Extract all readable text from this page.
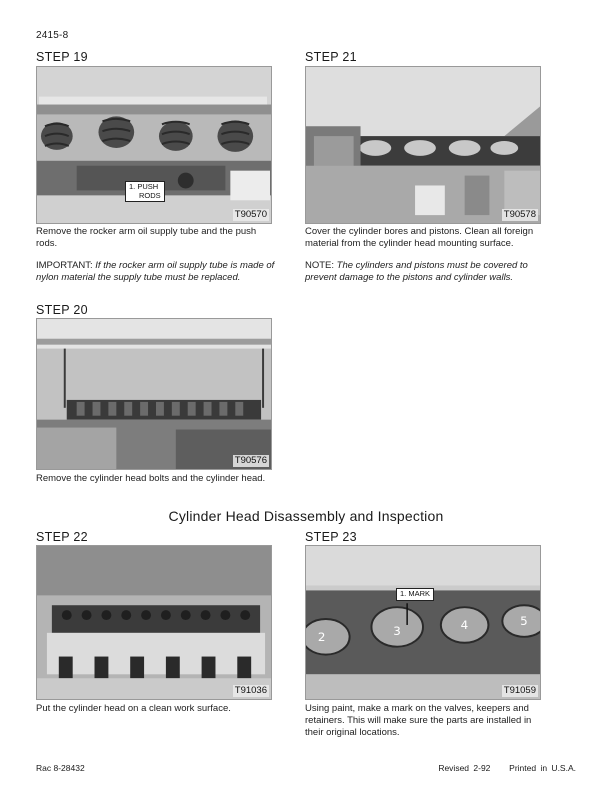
2415-8
STEP 19
1. PUSH
RODS
T90570
Remove the rocker arm oil supply tube and the push rods.
IMPORTANT: If the rocker arm oil supply tube is made of nylon material the supply tube must be replaced.
STEP 21
T90578
Cover the cylinder bores and pistons. Clean all foreign material from the cylinder head mounting surface.
NOTE: The cylinders and pistons must be covered to prevent damage to the pistons and cylinder walls.
STEP 20
T90576
Remove the cylinder head bolts and the cylinder head.
Cylinder Head Disassembly and Inspection
STEP 22
T91036
Put the cylinder head on a clean work surface.
STEP 23
2	3	4	5
1. MARK
T91059
Using paint, make a mark on the valves, keepers and retainers. This will make sure the parts are installed in their original locations.
Rac 8-28432	Revised 2-92 Printed in U.S.A.
